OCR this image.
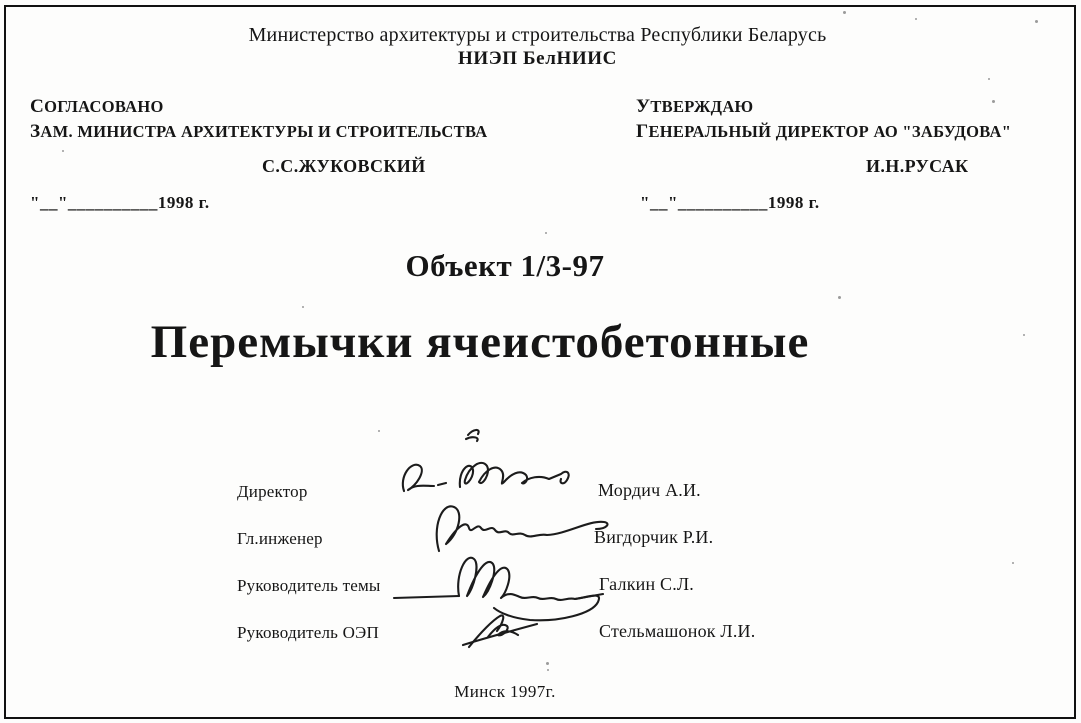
Министерство архитектуры и строительства Республики Беларусь
НИЭП БелНИИС
СОГЛАСОВАНО
ЗАМ. МИНИСТРА АРХИТЕКТУРЫ И СТРОИТЕЛЬСТВА
С.С.ЖУКОВСКИЙ
"__"__________1998 г.
УТВЕРЖДАЮ
ГЕНЕРАЛЬНЫЙ ДИРЕКТОР АО "ЗАБУДОВА"
И.Н.РУСАК
"__"__________1998 г.
Объект 1/3-97
Перемычки ячеистобетонные
Директор	Мордич А.И.
Гл.инженер	Вигдорчик Р.И.
Руководитель темы	Галкин С.Л.
Руководитель ОЭП	Стельмашонок Л.И.
Минск 1997г.
